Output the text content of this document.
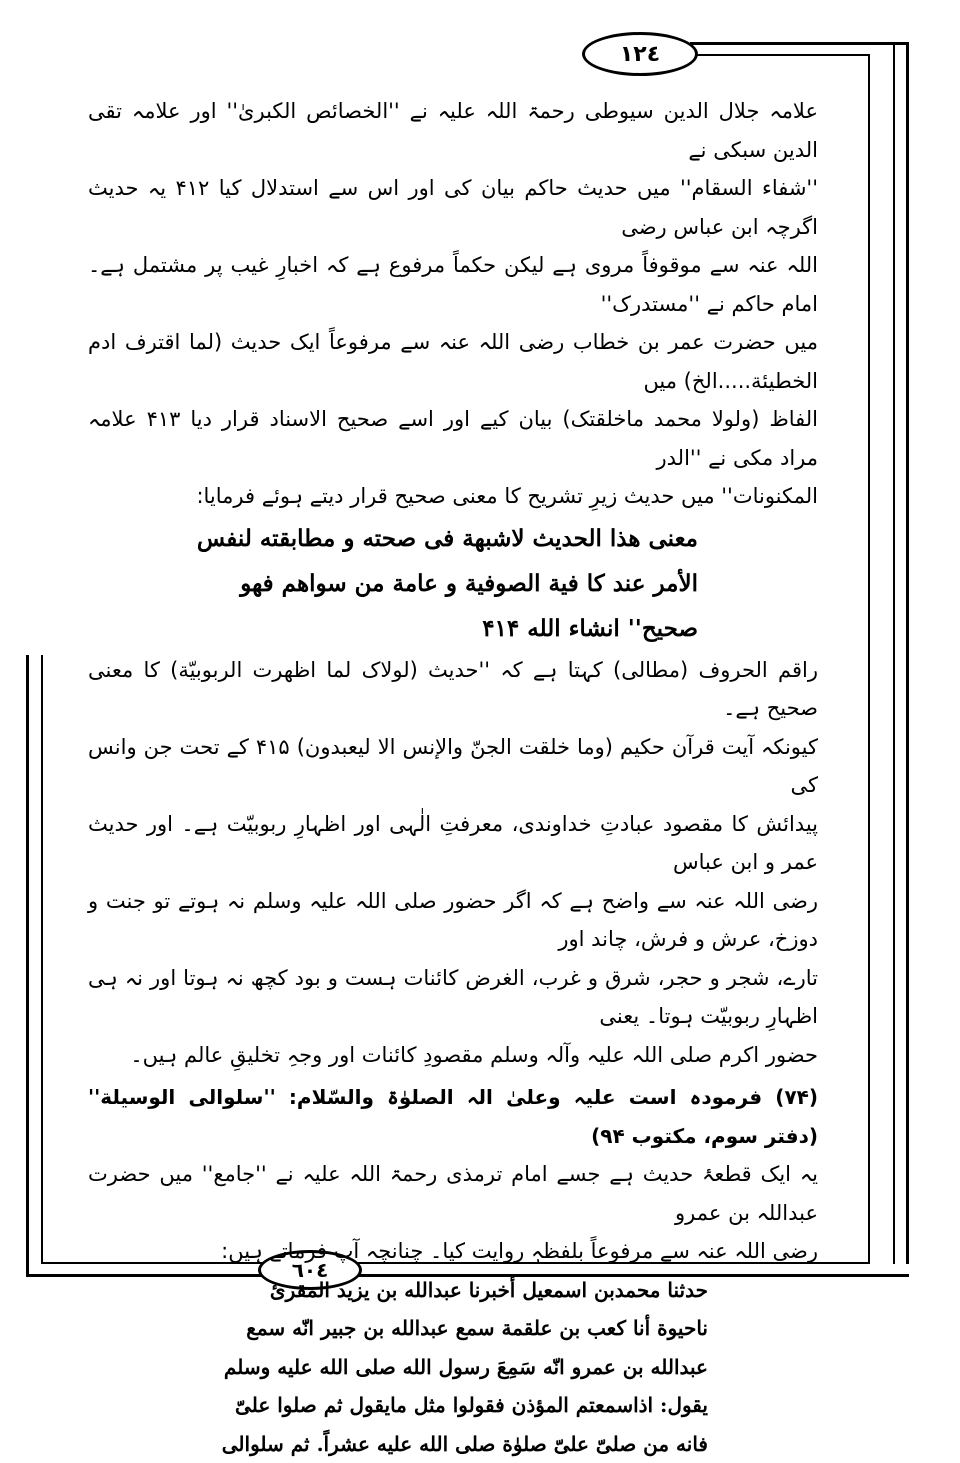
١٢٤
٦٠٤

علامہ جلال الدین سیوطی رحمۃ اللہ علیہ نے ''الخصائص الکبریٰ'' اور علامہ تقی الدین سبکی نے

''شفاء السقام'' میں حدیث حاکم بیان کی اور اس سے استدلال کیا ۴۱۲ یہ حدیث اگرچہ ابن عباس رضی

اللہ عنہ سے موقوفاً مروی ہے لیکن حکماً مرفوع ہے کہ اخبارِ غیب پر مشتمل ہے۔ امام حاکم نے ''مستدرک''

میں حضرت عمر بن خطاب رضی اللہ عنہ سے مرفوعاً ایک حدیث (لما اقترف ادم الخطیئة.....الخ) میں

الفاظ (ولولا محمد ماخلقتک) بیان کیے اور اسے صحیح الاسناد قرار دیا ۴۱۳ علامہ مراد مکی نے ''الدر

المکنونات'' میں حدیث زیرِ تشریح کا معنی صحیح قرار دیتے ہوئے فرمایا:

معنی هذا الحدیث لاشبهة فی صحته و مطابقته لنفس

الأمر عند کا فیة الصوفیة و عامة من سواهم فهو

صحیح'' انشاء الله ۴۱۴

راقم الحروف (مطالی) کہتا ہے کہ ''حدیث (لولاک لما اظهرت الربوبیّة) کا معنی صحیح ہے۔

کیونکہ آیت قرآن حکیم (وما خلقت الجنّ والإنس الا لیعبدون) ۴۱۵ کے تحت جن وانس کی

پیدائش کا مقصود عبادتِ خداوندی، معرفتِ الٰہی اور اظہارِ ربوبیّت ہے۔ اور حدیث عمر و ابن عباس

رضی اللہ عنہ سے واضح ہے کہ اگر حضور صلی اللہ علیہ وسلم نہ ہوتے تو جنت و دوزخ، عرش و فرش، چاند اور

تارے، شجر و حجر، شرق و غرب، الغرض کائنات ہست و بود کچھ نہ ہوتا اور نہ ہی اظہارِ ربوبیّت ہوتا۔ یعنی

حضور اکرم صلی اللہ علیہ وآلہ وسلم مقصودِ کائنات اور وجہِ تخلیقِ عالم ہیں۔

(۷۴) فرمودہ است علیہ وعلیٰ الہ الصلوٰۃ والسّلام: ''سلوالی الوسیلة'' (دفتر سوم، مکتوب ۹۴)

یہ ایک قطعۂ حدیث ہے جسے امام ترمذی رحمۃ اللہ علیہ نے ''جامع'' میں حضرت عبداللہ بن عمرو

رضی اللہ عنہ سے مرفوعاً بلفظہٖ روایت کیا۔ چنانچہ آپ فرماتے ہیں:

حدثنا محمدبن اسمعیل أخبرنا عبدالله بن یزید المقرئ

ناحیوة أنا کعب بن علقمة سمع عبدالله بن جبیر انّه سمع

عبدالله بن عمرو انّه سَمِعَ رسول الله صلی الله علیه وسلم

یقول: اذاسمعتم المؤذن فقولوا مثل مایقول ثم صلوا علیّ

فانه من صلیّ علیّ صلوٰة صلی الله علیه عشراً. ثم سلوالی
